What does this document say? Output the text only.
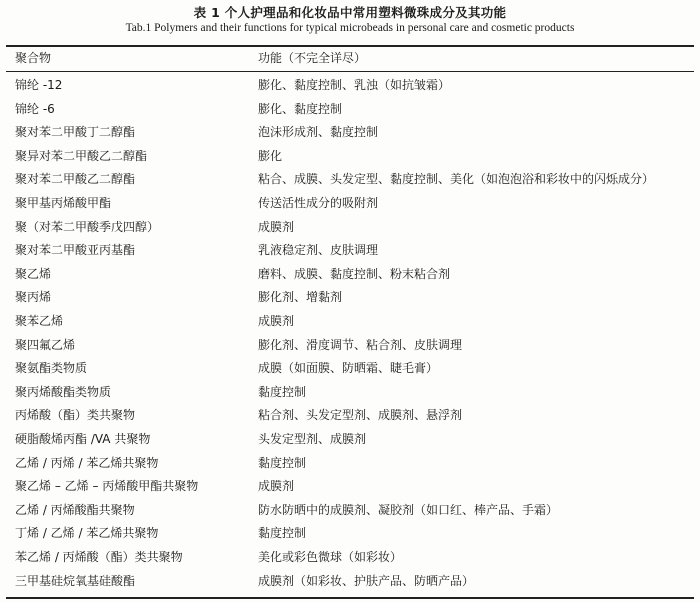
表 1 个人护理品和化妆品中常用塑料微珠成分及其功能
Tab.1 Polymers and their functions for typical microbeads in personal care and cosmetic products
聚合物	功能（不完全详尽）
锦纶 -12	膨化、黏度控制、乳浊（如抗皱霜）
锦纶 -6	膨化、黏度控制
聚对苯二甲酸丁二醇酯	泡沫形成剂、黏度控制
聚异对苯二甲酸乙二醇酯	膨化
聚对苯二甲酸乙二醇酯	粘合、成膜、头发定型、黏度控制、美化（如泡泡浴和彩妆中的闪烁成分）
聚甲基丙烯酸甲酯	传送活性成分的吸附剂
聚（对苯二甲酸季戊四醇）	成膜剂
聚对苯二甲酸亚丙基酯	乳液稳定剂、皮肤调理
聚乙烯	磨料、成膜、黏度控制、粉末粘合剂
聚丙烯	膨化剂、增黏剂
聚苯乙烯	成膜剂
聚四氟乙烯	膨化剂、滑度调节、粘合剂、皮肤调理
聚氨酯类物质	成膜（如面膜、防晒霜、睫毛膏）
聚丙烯酸酯类物质	黏度控制
丙烯酸（酯）类共聚物	粘合剂、头发定型剂、成膜剂、悬浮剂
硬脂酸烯丙酯 /VA 共聚物	头发定型剂、成膜剂
乙烯 / 丙烯 / 苯乙烯共聚物	黏度控制
聚乙烯 – 乙烯 – 丙烯酸甲酯共聚物	成膜剂
乙烯 / 丙烯酸酯共聚物	防水防晒中的成膜剂、凝胶剂（如口红、棒产品、手霜）
丁烯 / 乙烯 / 苯乙烯共聚物	黏度控制
苯乙烯 / 丙烯酸（酯）类共聚物	美化或彩色微球（如彩妆）
三甲基硅烷氧基硅酸酯	成膜剂（如彩妆、护肤产品、防晒产品）
